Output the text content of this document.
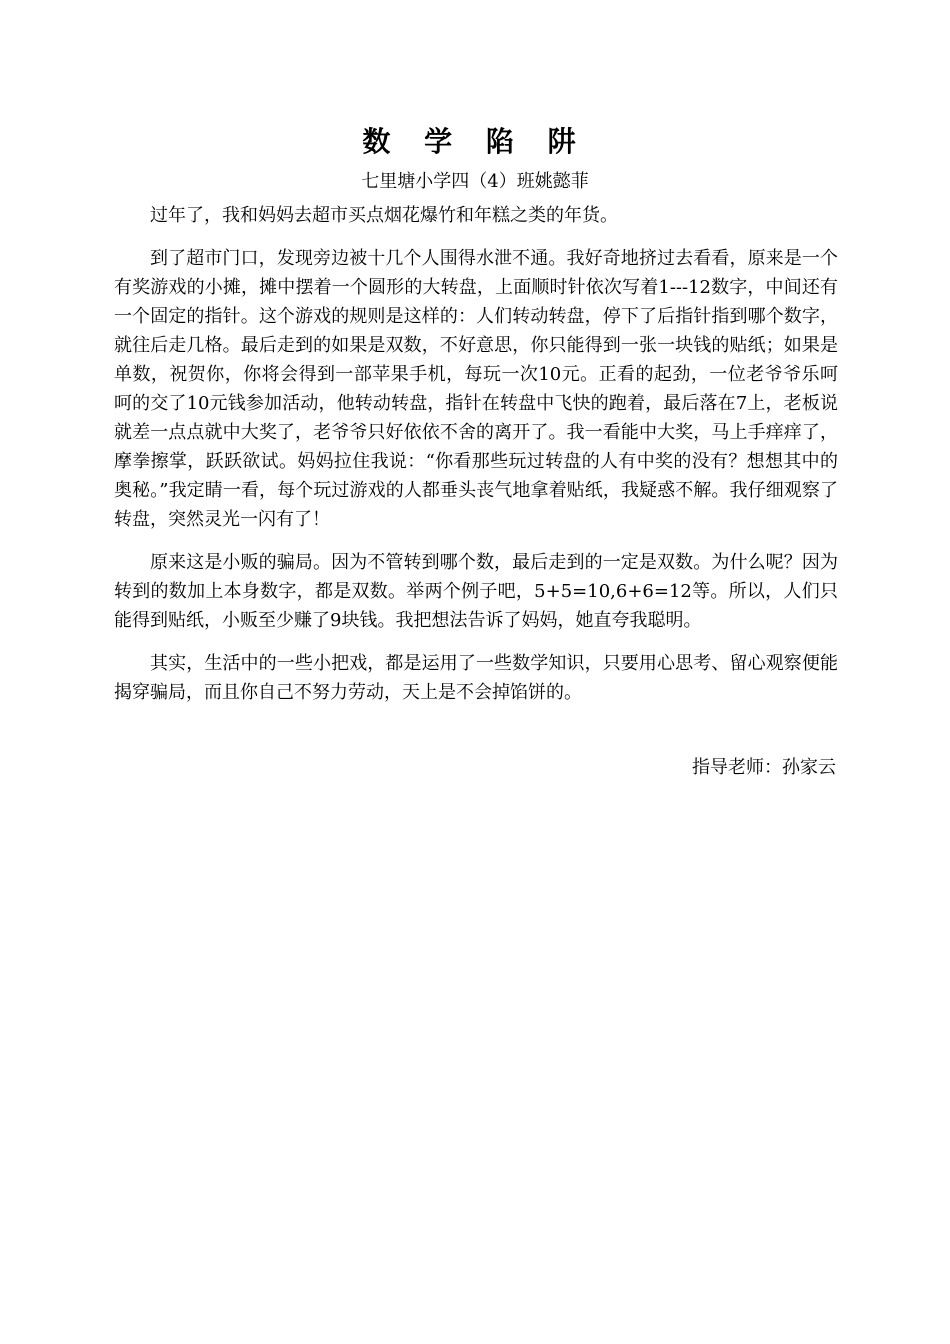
数 学 陷 阱
七里塘小学四（4）班姚懿菲

过年了，我和妈妈去超市买点烟花爆竹和年糕之类的年货。

到了超市门口，发现旁边被十几个人围得水泄不通。我好奇地挤过去看看，原来是一个有奖游戏的小摊，摊中摆着一个圆形的大转盘，上面顺时针依次写着1---12数字，中间还有一个固定的指针。这个游戏的规则是这样的：人们转动转盘，停下了后指针指到哪个数字，就往后走几格。最后走到的如果是双数，不好意思，你只能得到一张一块钱的贴纸；如果是单数，祝贺你，你将会得到一部苹果手机，每玩一次10元。正看的起劲，一位老爷爷乐呵呵的交了10元钱参加活动，他转动转盘，指针在转盘中飞快的跑着，最后落在7上，老板说就差一点点就中大奖了，老爷爷只好依依不舍的离开了。我一看能中大奖，马上手痒痒了，摩拳擦掌，跃跃欲试。妈妈拉住我说：“你看那些玩过转盘的人有中奖的没有？想想其中的奥秘。”我定睛一看，每个玩过游戏的人都垂头丧气地拿着贴纸，我疑惑不解。我仔细观察了转盘，突然灵光一闪有了！

原来这是小贩的骗局。因为不管转到哪个数，最后走到的一定是双数。为什么呢？因为转到的数加上本身数字，都是双数。举两个例子吧，5+5=10,6+6=12等。所以，人们只能得到贴纸，小贩至少赚了9块钱。我把想法告诉了妈妈，她直夸我聪明。

其实，生活中的一些小把戏，都是运用了一些数学知识，只要用心思考、留心观察便能揭穿骗局，而且你自己不努力劳动，天上是不会掉馅饼的。

指导老师：孙家云
